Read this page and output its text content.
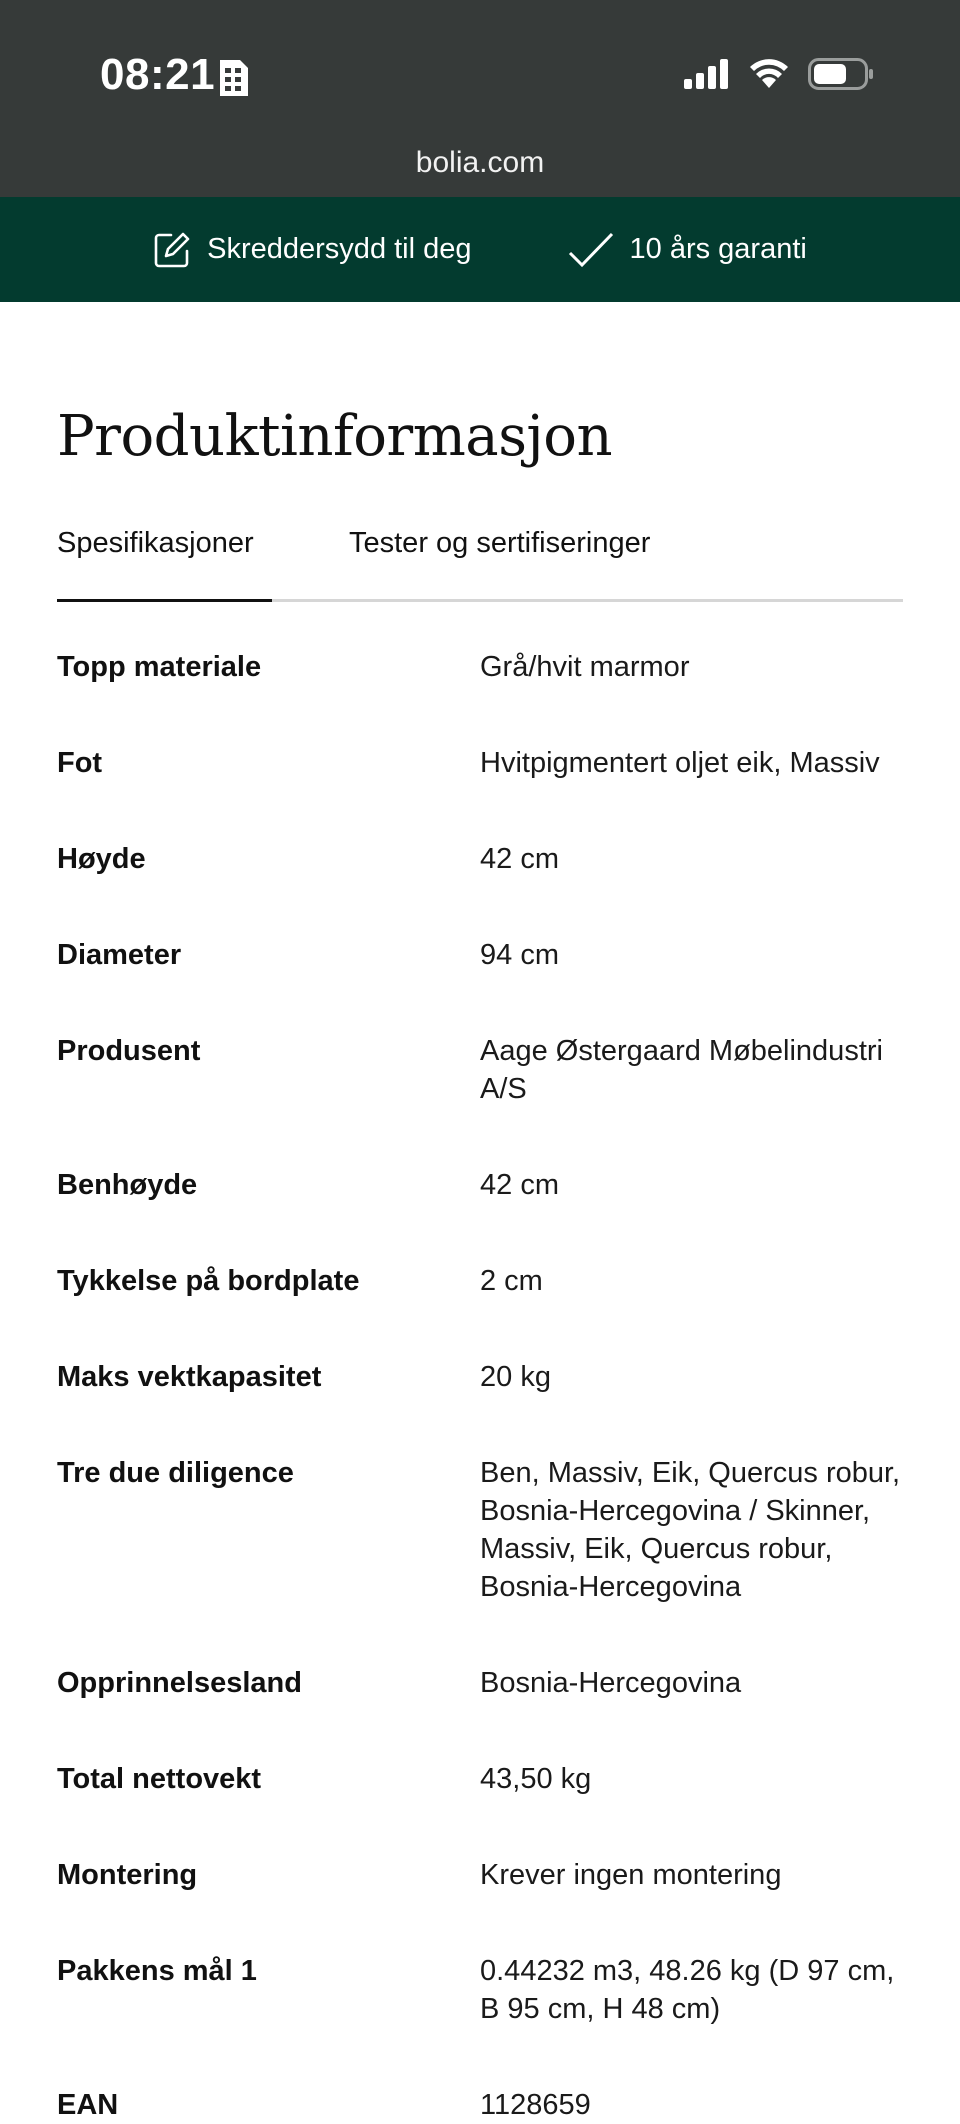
08:21
bolia.com
Skreddersydd til deg	10 års garanti
Produktinformasjon
Spesifikasjoner	Tester og sertifiseringer
Topp materiale	Grå/hvit marmor
Fot	Hvitpigmentert oljet eik, Massiv
Høyde	42 cm
Diameter	94 cm
Produsent	Aage Østergaard Møbelindustri A/S
Benhøyde	42 cm
Tykkelse på bordplate	2 cm
Maks vektkapasitet	20 kg
Tre due diligence	Ben, Massiv, Eik, Quercus robur, Bosnia-Hercegovina / Skinner, Massiv, Eik, Quercus robur, Bosnia-Hercegovina
Opprinnelsesland	Bosnia-Hercegovina
Total nettovekt	43,50 kg
Montering	Krever ingen montering
Pakkens mål 1	0.44232 m3, 48.26 kg (D 97 cm, B 95 cm, H 48 cm)
EAN	1128659
